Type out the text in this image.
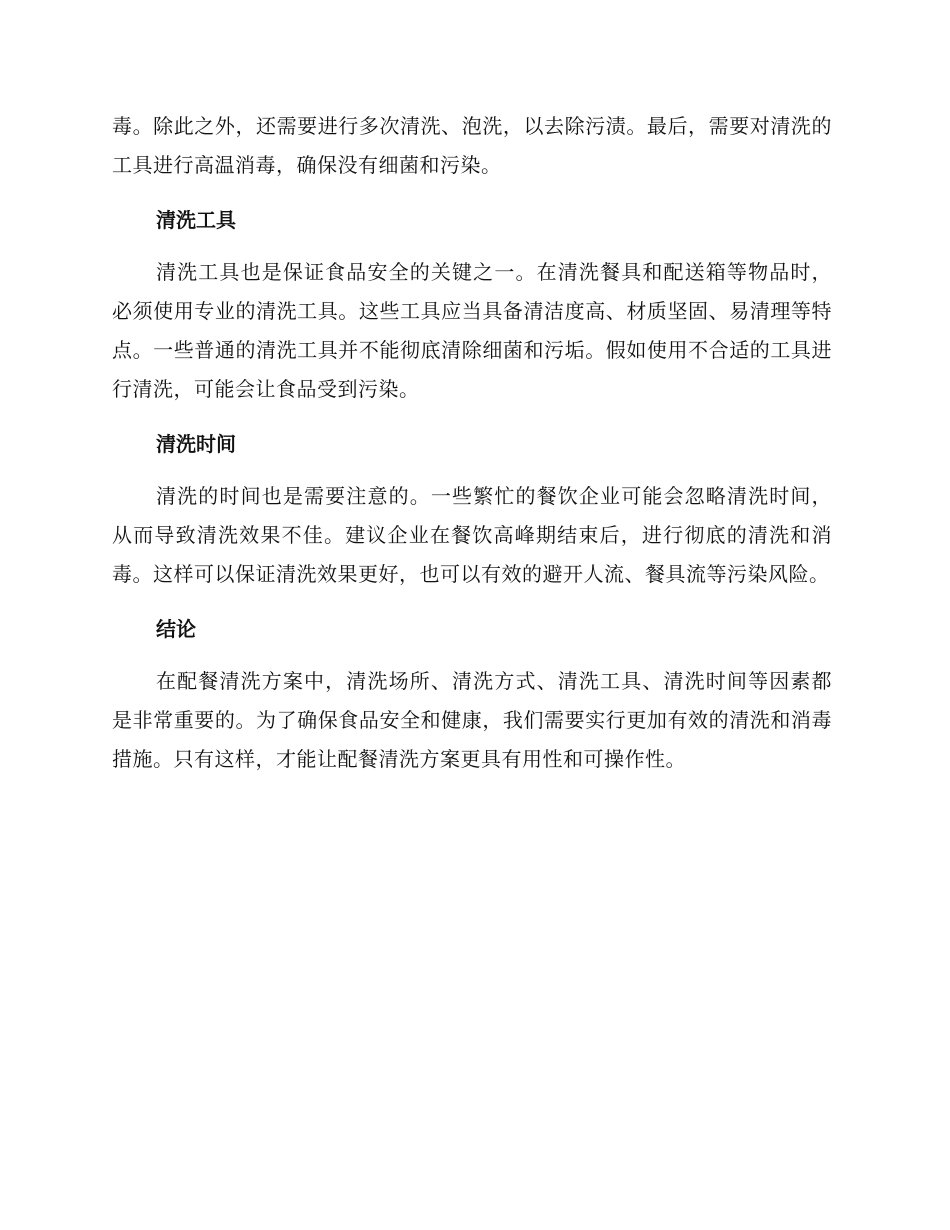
毒。除此之外，还需要进行多次清洗、泡洗，以去除污渍。最后，需要对清洗的工具进行高温消毒，确保没有细菌和污染。

清洗工具

清洗工具也是保证食品安全的关键之一。在清洗餐具和配送箱等物品时，必须使用专业的清洗工具。这些工具应当具备清洁度高、材质坚固、易清理等特点。一些普通的清洗工具并不能彻底清除细菌和污垢。假如使用不合适的工具进行清洗，可能会让食品受到污染。

清洗时间

清洗的时间也是需要注意的。一些繁忙的餐饮企业可能会忽略清洗时间，从而导致清洗效果不佳。建议企业在餐饮高峰期结束后，进行彻底的清洗和消毒。这样可以保证清洗效果更好，也可以有效的避开人流、餐具流等污染风险。

结论

在配餐清洗方案中，清洗场所、清洗方式、清洗工具、清洗时间等因素都是非常重要的。为了确保食品安全和健康，我们需要实行更加有效的清洗和消毒措施。只有这样，才能让配餐清洗方案更具有用性和可操作性。
